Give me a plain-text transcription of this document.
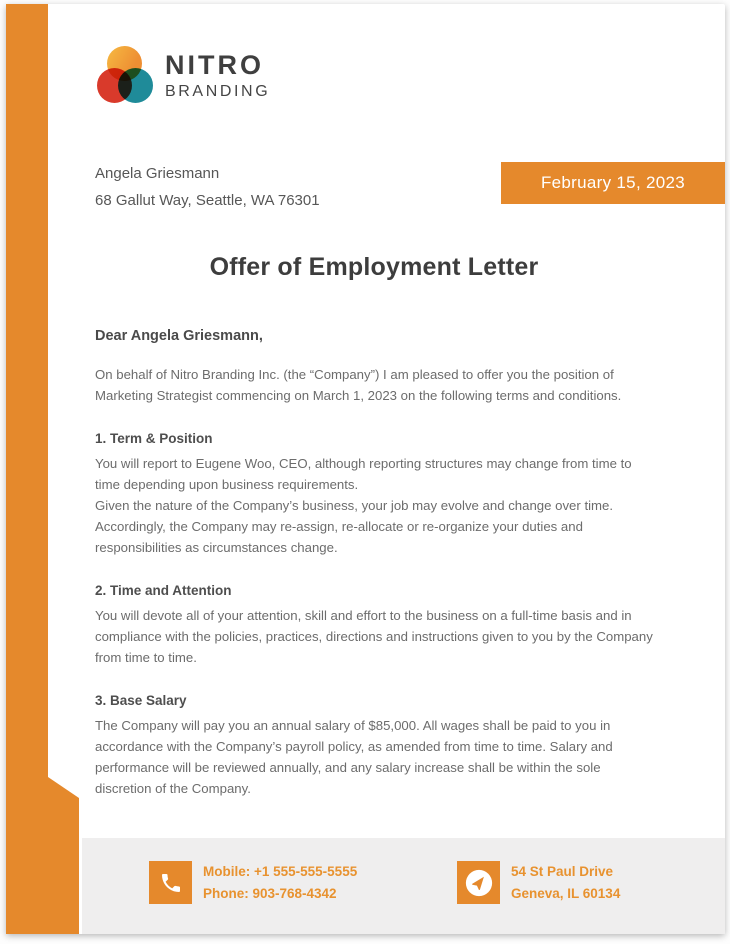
NITRO
BRANDING
Angela Griesmann
68 Gallut Way, Seattle, WA 76301
February 15, 2023
Offer of Employment Letter

Dear Angela Griesmann,

On behalf of Nitro Branding Inc. (the “Company”) I am pleased to offer you the position of Marketing Strategist commencing on March 1, 2023 on the following terms and conditions.

1. Term & Position

You will report to Eugene Woo, CEO, although reporting structures may change from time to time depending upon business requirements.

Given the nature of the Company’s business, your job may evolve and change over time. Accordingly, the Company may re-assign, re-allocate or re-organize your duties and responsibilities as circumstances change.

2. Time and Attention

You will devote all of your attention, skill and effort to the business on a full-time basis and in compliance with the policies, practices, directions and instructions given to you by the Company from time to time.

3. Base Salary

The Company will pay you an annual salary of $85,000. All wages shall be paid to you in accordance with the Company’s payroll policy, as amended from time to time. Salary and performance will be reviewed annually, and any salary increase shall be within the sole discretion of the Company.

Mobile: +1 555-555-5555
Phone: 903-768-4342
54 St Paul Drive
Geneva, IL 60134
